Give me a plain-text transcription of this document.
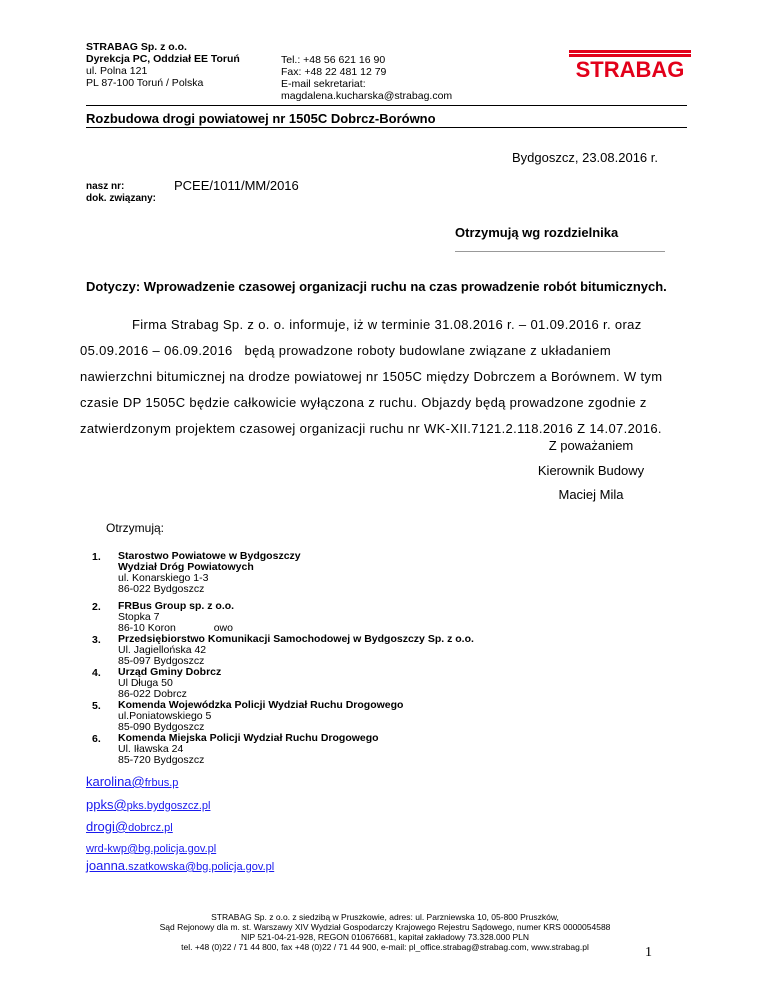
STRABAG Sp. z o.o.
Dyrekcja PC, Oddział EE Toruń
ul. Polna 121
PL 87-100 Toruń / Polska
Tel.: +48 56 621 16 90
Fax: +48 22 481 12 79
E-mail sekretariat:
magdalena.kucharska@strabag.com
STRABAG
Rozbudowa drogi powiatowej nr 1505C Dobrcz-Borówno
Bydgoszcz, 23.08.2016 r.
nasz nr:	PCEE/1011/MM/2016
dok. związany:
Otrzymują wg rozdzielnika
Dotyczy: Wprowadzenie czasowej organizacji ruchu na czas prowadzenie robót bitumicznych.
Firma Strabag Sp. z o. o. informuje, iż w terminie 31.08.2016 r. – 01.09.2016 r. oraz
05.09.2016 – 06.09.2016   będą prowadzone roboty budowlane związane z układaniem
nawierzchni bitumicznej na drodze powiatowej nr 1505C między Dobrczem a Borównem. W tym
czasie DP 1505C będzie całkowicie wyłączona z ruchu. Objazdy będą prowadzone zgodnie z
zatwierdzonym projektem czasowej organizacji ruchu nr WK-XII.7121.2.118.2016 Z 14.07.2016.
Z poważaniem
Kierownik Budowy
Maciej Mila
Otrzymują:
1. Starostwo Powiatowe w Bydgoszczy
Wydział Dróg Powiatowych
ul. Konarskiego 1-3
86-022 Bydgoszcz
2. FRBus Group sp. z o.o.
Stopka 7
86-10 Koron             owo
3. Przedsiębiorstwo Komunikacji Samochodowej w Bydgoszczy Sp. z o.o.
Ul. Jagiellońska 42
85-097 Bydgoszcz
4. Urząd Gminy Dobrcz
Ul Długa 50
86-022 Dobrcz
5. Komenda Wojewódzka Policji Wydział Ruchu Drogowego
ul.Poniatowskiego 5
85-090 Bydgoszcz
6. Komenda Miejska Policji Wydział Ruchu Drogowego
Ul. Iławska 24
85-720 Bydgoszcz
karolina@frbus.p
ppks@pks.bydgoszcz.pl
drogi@dobrcz.pl
wrd-kwp@bg.policja.gov.pl
joanna.szatkowska@bg.policja.gov.pl
STRABAG Sp. z o.o. z siedzibą w Pruszkowie, adres: ul. Parzniewska 10, 05-800 Pruszków,
Sąd Rejonowy dla m. st. Warszawy XIV Wydział Gospodarczy Krajowego Rejestru Sądowego, numer KRS 0000054588
NIP 521-04-21-928, REGON 010676681, kapitał zakładowy 73.328.000 PLN
tel. +48 (0)22 / 71 44 800, fax +48 (0)22 / 71 44 900, e-mail: pl_office.strabag@strabag.com, www.strabag.pl	1
